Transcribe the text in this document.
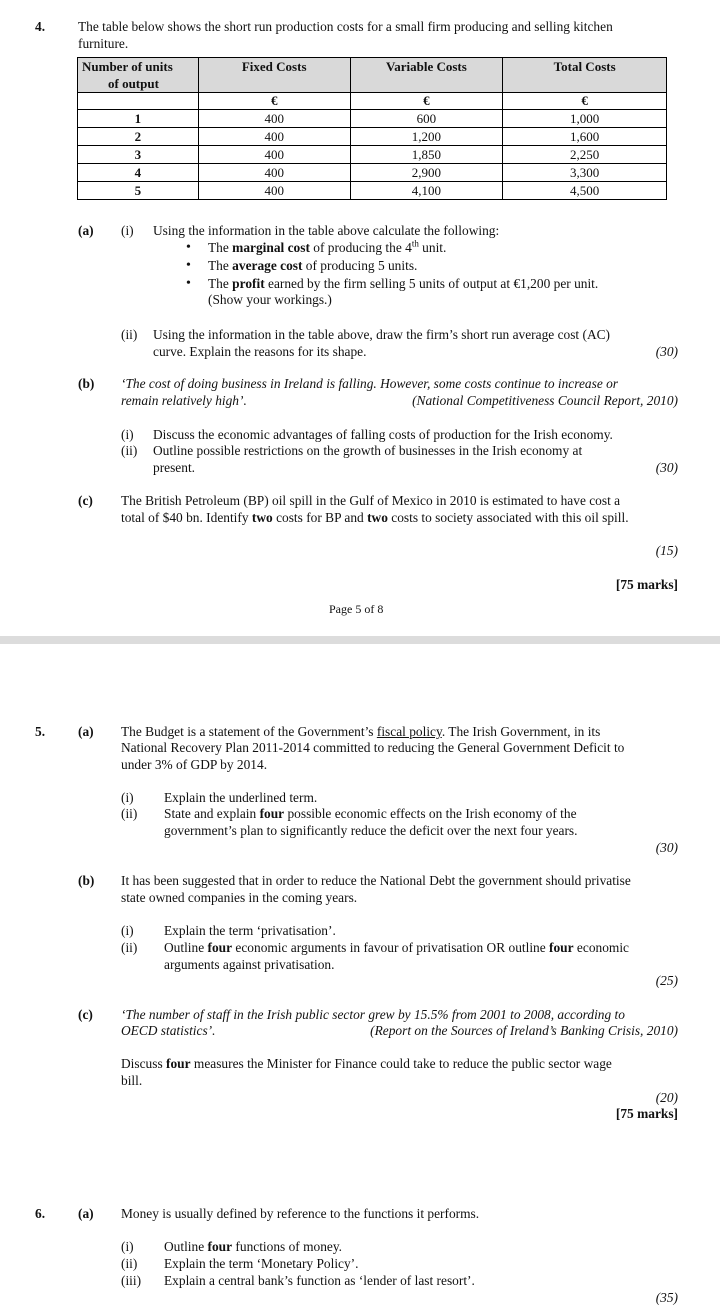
4. The table below shows the short run production costs for a small firm producing and selling kitchen
furniture.
Number of units
of output	Fixed Costs	Variable Costs	Total Costs
	€	€	€
1	400	600	1,000
2	400	1,200	1,600
3	400	1,850	2,250
4	400	2,900	3,300
5	400	4,100	4,500
(a) (i) Using the information in the table above calculate the following:
• The marginal cost of producing the 4th unit.
• The average cost of producing 5 units.
• The profit earned by the firm selling 5 units of output at €1,200 per unit.
(Show your workings.)
(ii) Using the information in the table above, draw the firm’s short run average cost (AC)
curve. Explain the reasons for its shape.	(30)
(b) ‘The cost of doing business in Ireland is falling. However, some costs continue to increase or
remain relatively high’.	(National Competitiveness Council Report, 2010)
(i) Discuss the economic advantages of falling costs of production for the Irish economy.
(ii) Outline possible restrictions on the growth of businesses in the Irish economy at
present.	(30)
(c) The British Petroleum (BP) oil spill in the Gulf of Mexico in 2010 is estimated to have cost a
total of $40 bn. Identify two costs for BP and two costs to society associated with this oil spill.
(15)
[75 marks]
Page 5 of 8
5. (a) The Budget is a statement of the Government’s fiscal policy. The Irish Government, in its
National Recovery Plan 2011-2014 committed to reducing the General Government Deficit to
under 3% of GDP by 2014.
(i) Explain the underlined term.
(ii) State and explain four possible economic effects on the Irish economy of the
government’s plan to significantly reduce the deficit over the next four years.
(30)
(b) It has been suggested that in order to reduce the National Debt the government should privatise
state owned companies in the coming years.
(i) Explain the term ‘privatisation’.
(ii) Outline four economic arguments in favour of privatisation OR outline four economic
arguments against privatisation.
(25)
(c) ‘The number of staff in the Irish public sector grew by 15.5% from 2001 to 2008, according to
OECD statistics’.	(Report on the Sources of Ireland’s Banking Crisis, 2010)
Discuss four measures the Minister for Finance could take to reduce the public sector wage
bill.
(20)
[75 marks]
6. (a) Money is usually defined by reference to the functions it performs.
(i) Outline four functions of money.
(ii) Explain the term ‘Monetary Policy’.
(iii) Explain a central bank’s function as ‘lender of last resort’.
(35)
